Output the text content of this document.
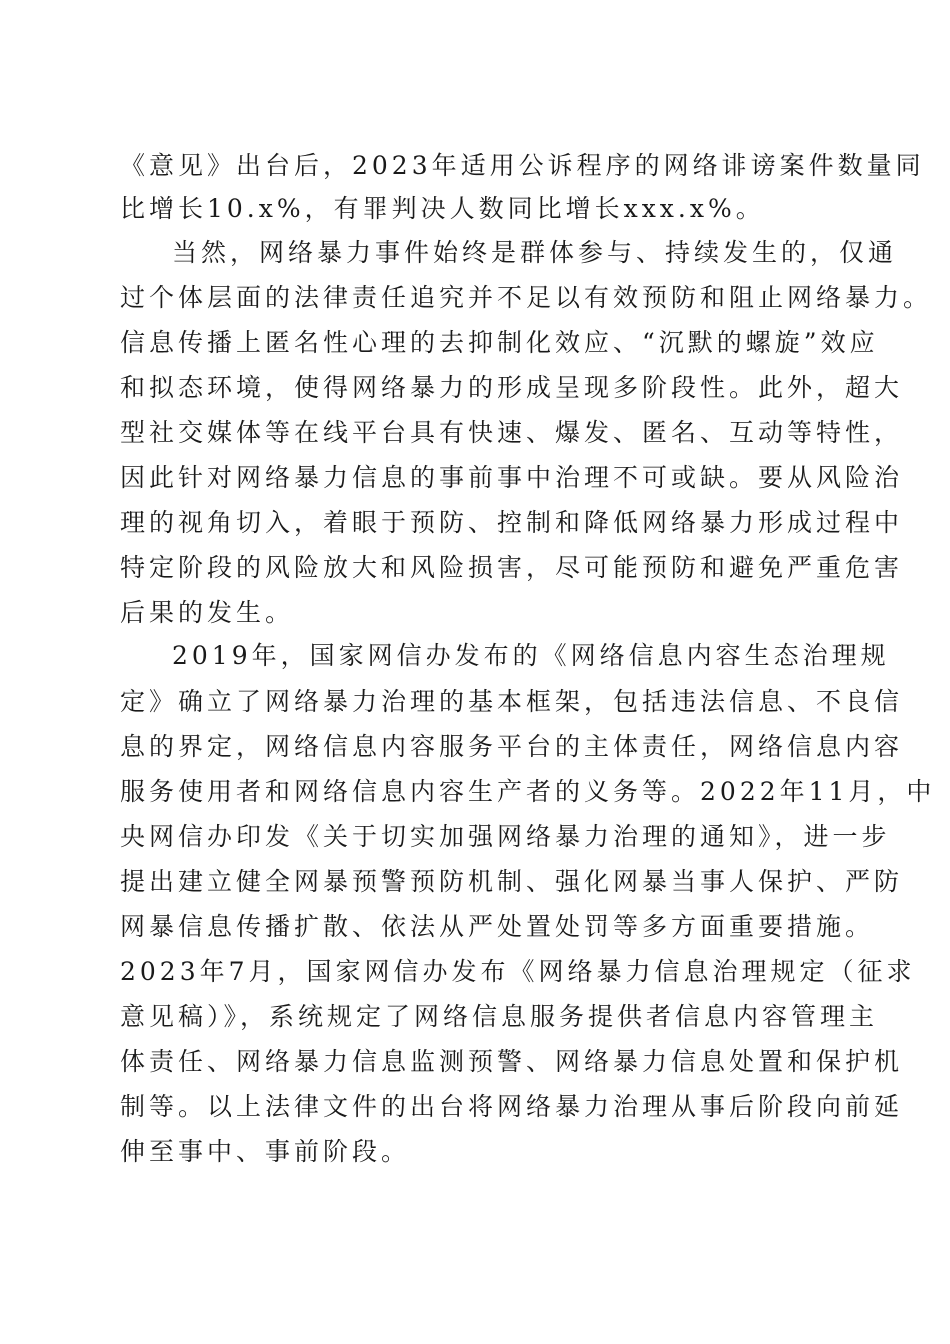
《意见》出台后，2023年适用公诉程序的网络诽谤案件数量同
比增长10.x%，有罪判决人数同比增长xxx.x%。
当然，网络暴力事件始终是群体参与、持续发生的，仅通
过个体层面的法律责任追究并不足以有效预防和阻止网络暴力。
信息传播上匿名性心理的去抑制化效应、“沉默的螺旋”效应
和拟态环境，使得网络暴力的形成呈现多阶段性。此外，超大
型社交媒体等在线平台具有快速、爆发、匿名、互动等特性，
因此针对网络暴力信息的事前事中治理不可或缺。要从风险治
理的视角切入，着眼于预防、控制和降低网络暴力形成过程中
特定阶段的风险放大和风险损害，尽可能预防和避免严重危害
后果的发生。
2019年，国家网信办发布的《网络信息内容生态治理规
定》确立了网络暴力治理的基本框架，包括违法信息、不良信
息的界定，网络信息内容服务平台的主体责任，网络信息内容
服务使用者和网络信息内容生产者的义务等。2022年11月，中
央网信办印发《关于切实加强网络暴力治理的通知》，进一步
提出建立健全网暴预警预防机制、强化网暴当事人保护、严防
网暴信息传播扩散、依法从严处置处罚等多方面重要措施。
2023年7月，国家网信办发布《网络暴力信息治理规定（征求
意见稿）》，系统规定了网络信息服务提供者信息内容管理主
体责任、网络暴力信息监测预警、网络暴力信息处置和保护机
制等。以上法律文件的出台将网络暴力治理从事后阶段向前延
伸至事中、事前阶段。
